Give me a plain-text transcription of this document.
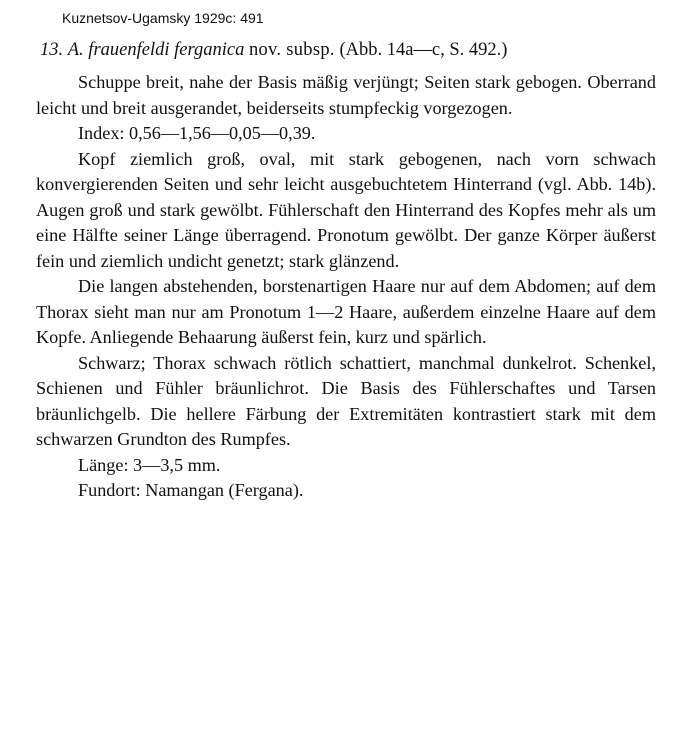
Kuznetsov-Ugamsky 1929c: 491
13. A. frauenfeldi ferganica nov. subsp. (Abb. 14a—c, S. 492.)

Schuppe breit, nahe der Basis mäßig verjüngt; Seiten stark gebogen. Oberrand leicht und breit ausgerandet, beiderseits stumpfeckig vorgezogen.

Index: 0,56—1,56—0,05—0,39.

Kopf ziemlich groß, oval, mit stark gebogenen, nach vorn schwach konvergierenden Seiten und sehr leicht ausgebuchtetem Hinterrand (vgl. Abb. 14b). Augen groß und stark gewölbt. Fühlerschaft den Hinterrand des Kopfes mehr als um eine Hälfte seiner Länge überragend. Pronotum gewölbt. Der ganze Körper äußerst fein und ziemlich undicht genetzt; stark glänzend.

Die langen abstehenden, borstenartigen Haare nur auf dem Abdomen; auf dem Thorax sieht man nur am Pronotum 1—2 Haare, außerdem einzelne Haare auf dem Kopfe. Anliegende Behaarung äußerst fein, kurz und spärlich.

Schwarz; Thorax schwach rötlich schattiert, manchmal dunkelrot. Schenkel, Schienen und Fühler bräunlichrot. Die Basis des Fühlerschaftes und Tarsen bräunlichgelb. Die hellere Färbung der Extremitäten kontrastiert stark mit dem schwarzen Grundton des Rumpfes.

Länge: 3—3,5 mm.

Fundort: Namangan (Fergana).
